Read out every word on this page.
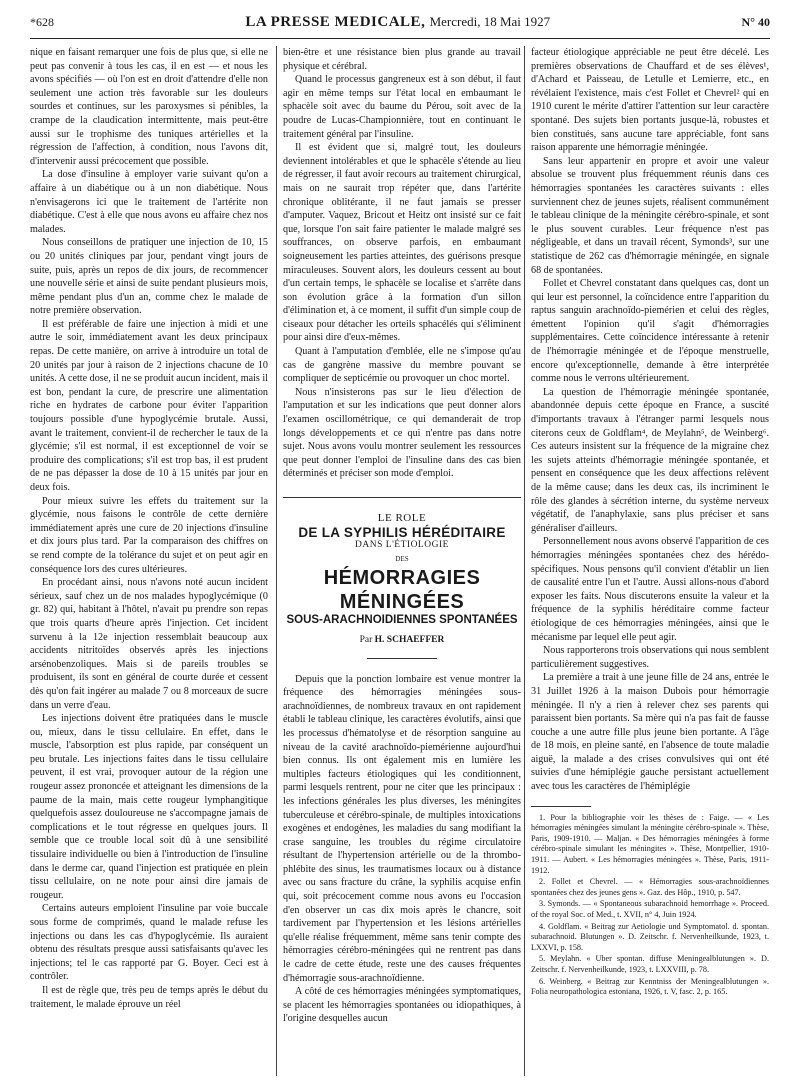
*628	LA PRESSE MEDICALE, Mercredi, 18 Mai 1927	N° 40

nique en faisant remarquer une fois de plus que, si elle ne peut pas convenir à tous les cas, il en est — et nous les avons spécifiés — où l'on est en droit d'attendre d'elle non seulement une action très favorable sur les douleurs sourdes et continues, sur les paroxysmes si pénibles, la crampe de la claudication intermittente, mais peut-être aussi sur le trophisme des tuniques artérielles et la régression de l'affection, à condition, nous l'avons dit, d'intervenir aussi précocement que possible.

La dose d'insuline à employer varie suivant qu'on a affaire à un diabétique ou à un non diabétique. Nous n'envisagerons ici que le traitement de l'artérite non diabétique. C'est à elle que nous avons eu affaire chez nos malades.

Nous conseillons de pratiquer une injection de 10, 15 ou 20 unités cliniques par jour, pendant vingt jours de suite, puis, après un repos de dix jours, de recommencer une nouvelle série et ainsi de suite pendant plusieurs mois, même pendant plus d'un an, comme chez le malade de notre première observation.

Il est préférable de faire une injection à midi et une autre le soir, immédiatement avant les deux principaux repas. De cette manière, on arrive à introduire un total de 20 unités par jour à raison de 2 injections chacune de 10 unités. A cette dose, il ne se produit aucun incident, mais il est bon, pendant la cure, de prescrire une alimentation riche en hydrates de carbone pour éviter l'apparition toujours possible d'une hypoglycémie brutale. Aussi, avant le traitement, convient-il de rechercher le taux de la glycémie; s'il est normal, il est exceptionnel de voir se produire des complications; s'il est trop bas, il est prudent de ne pas dépasser la dose de 10 à 15 unités par jour en deux fois.

Pour mieux suivre les effets du traitement sur la glycémie, nous faisons le contrôle de cette dernière immédiatement après une cure de 20 injections d'insuline et dix jours plus tard. Par la comparaison des chiffres on se rend compte de la tolérance du sujet et on peut agir en conséquence lors des cures ultérieures.

En procédant ainsi, nous n'avons noté aucun incident sérieux, sauf chez un de nos malades hypoglycémique (0 gr. 82) qui, habitant à l'hôtel, n'avait pu prendre son repas que trois quarts d'heure après l'injection. Cet incident survenu à la 12e injection ressemblait beaucoup aux accidents nitritoïdes observés après les injections arsénobenzoliques. Mais si de pareils troubles se produisent, ils sont en général de courte durée et cessent dès qu'on fait ingérer au malade 7 ou 8 morceaux de sucre dans un verre d'eau.

Les injections doivent être pratiquées dans le muscle ou, mieux, dans le tissu cellulaire. En effet, dans le muscle, l'absorption est plus rapide, par conséquent un peu brutale. Les injections faites dans le tissu cellulaire peuvent, il est vrai, provoquer autour de la région une rougeur assez prononcée et atteignant les dimensions de la paume de la main, mais cette rougeur lymphangitique quelquefois assez douloureuse ne s'accompagne jamais de complications et le tout régresse en quelques jours. Il semble que ce trouble local soit dû à une sensibilité tissulaire individuelle ou bien à l'introduction de l'insuline dans le derme car, quand l'injection est pratiquée en plein tissu cellulaire, on ne note pour ainsi dire jamais de rougeur.

Certains auteurs emploient l'insuline par voie buccale sous forme de comprimés, quand le malade refuse les injections ou dans les cas d'hypoglycémie. Ils auraient obtenu des résultats presque aussi satisfaisants qu'avec les injections; tel le cas rapporté par G. Boyer. Ceci est à contrôler.

Il est de règle que, très peu de temps après le début du traitement, le malade éprouve un réel

bien-être et une résistance bien plus grande au travail physique et cérébral.

Quand le processus gangreneux est à son début, il faut agir en même temps sur l'état local en embaumant le sphacèle soit avec du baume du Pérou, soit avec de la poudre de Lucas-Championnière, tout en continuant le traitement général par l'insuline.

Il est évident que si, malgré tout, les douleurs deviennent intolérables et que le sphacèle s'étende au lieu de régresser, il faut avoir recours au traitement chirurgical, mais on ne saurait trop répéter que, dans l'artérite chronique oblitérante, il ne faut jamais se presser d'amputer. Vaquez, Bricout et Heitz ont insisté sur ce fait que, lorsque l'on sait faire patienter le malade malgré ses souffrances, on observe parfois, en embaumant soigneusement les parties atteintes, des guérisons presque miraculeuses. Souvent alors, les douleurs cessent au bout d'un certain temps, le sphacèle se localise et s'arrête dans son évolution grâce à la formation d'un sillon d'élimination et, à ce moment, il suffit d'un simple coup de ciseaux pour détacher les orteils sphacélés qui s'éliminent pour ainsi dire d'eux-mêmes.

Quant à l'amputation d'emblée, elle ne s'impose qu'au cas de gangrène massive du membre pouvant se compliquer de septicémie ou provoquer un choc mortel.

Nous n'insisterons pas sur le lieu d'élection de l'amputation et sur les indications que peut donner alors l'examen oscillométrique, ce qui demanderait de trop longs développements et ce qui n'entre pas dans notre sujet. Nous avons voulu montrer seulement les ressources que peut donner l'emploi de l'insuline dans des cas bien déterminés et préciser son mode d'emploi.

LE ROLE
DE LA SYPHILIS HÉRÉDITAIRE
DANS L'ÉTIOLOGIE
DES
HÉMORRAGIES MÉNINGÉES
SOUS-ARACHNOIDIENNES SPONTANÉES
Par H. SCHAEFFER

Depuis que la ponction lombaire est venue montrer la fréquence des hémorragies méningées sous-arachnoïdiennes, de nombreux travaux en ont rapidement établi le tableau clinique, les caractères évolutifs, ainsi que les processus d'hématolyse et de résorption sanguine au niveau de la cavité arachnoïdo-piemérienne aujourd'hui bien connus. Ils ont également mis en lumière les multiples facteurs étiologiques qui les conditionnent, parmi lesquels rentrent, pour ne citer que les principaux : les infections générales les plus diverses, les méningites tuberculeuse et cérébro-spinale, de multiples intoxications exogènes et endogènes, les maladies du sang modifiant la crase sanguine, les troubles du régime circulatoire résultant de l'hypertension artérielle ou de la thrombo-phlébite des sinus, les traumatismes locaux ou à distance avec ou sans fracture du crâne, la syphilis acquise enfin qui, soit précocement comme nous avons eu l'occasion d'en observer un cas dix mois après le chancre, soit tardivement par l'hypertension et les lésions artérielles qu'elle réalise fréquemment, même sans tenir compte des hémorragies cérébro-méningées qui ne rentrent pas dans le cadre de cette étude, reste une des causes fréquentes d'hémorragie sous-arachnoïdienne.

A côté de ces hémorragies méningées symptomatiques, se placent les hémorragies spontanées ou idiopathiques, à l'origine desquelles aucun

facteur étiologique appréciable ne peut être décelé. Les premières observations de Chauffard et de ses élèves¹, d'Achard et Paisseau, de Letulle et Lemierre, etc., en révélaient l'existence, mais c'est Follet et Chevrel² qui en 1910 curent le mérite d'attirer l'attention sur leur caractère spontané. Des sujets bien portants jusque-là, robustes et bien constitués, sans aucune tare appréciable, font sans raison apparente une hémorragie méningée.

Sans leur appartenir en propre et avoir une valeur absolue se trouvent plus fréquemment réunis dans ces hémorragies spontanées les caractères suivants : elles surviennent chez de jeunes sujets, réalisent communément le tableau clinique de la méningite cérébro-spinale, et sont le plus souvent curables. Leur fréquence n'est pas négligeable, et dans un travail récent, Symonds³, sur une statistique de 262 cas d'hémorragie méningée, en signale 68 de spontanées.

Follet et Chevrel constatant dans quelques cas, dont un qui leur est personnel, la coïncidence entre l'apparition du raptus sanguin arachnoïdo-piemérien et celui des règles, émettent l'opinion qu'il s'agit d'hémorragies supplémentaires. Cette coïncidence intéressante à retenir de l'hémorragie méningée et de l'époque menstruelle, encore qu'exceptionnelle, demande à être interprétée comme nous le verrons ultérieurement.

La question de l'hémorragie méningée spontanée, abandonnée depuis cette époque en France, a suscité d'importants travaux à l'étranger parmi lesquels nous citerons ceux de Goldflam⁴, de Meylahn⁵, de Weinberg⁶. Ces auteurs insistent sur la fréquence de la migraine chez les sujets atteints d'hémorragie méningée spontanée, et pensent en conséquence que les deux affections relèvent de la même cause; dans les deux cas, ils incriminent le rôle des glandes à sécrétion interne, du système nerveux végétatif, de l'anaphylaxie, sans plus préciser et sans généraliser d'ailleurs.

Personnellement nous avons observé l'apparition de ces hémorragies méningées spontanées chez des hérédo-spécifiques. Nous pensons qu'il convient d'établir un lien de causalité entre l'un et l'autre. Aussi allons-nous d'abord exposer les faits. Nous discuterons ensuite la valeur et la fréquence de la syphilis héréditaire comme facteur étiologique de ces hémorragies méningées, ainsi que le mécanisme par lequel elle peut agir.

Nous rapporterons trois observations qui nous semblent particulièrement suggestives.

La première a trait à une jeune fille de 24 ans, entrée le 31 Juillet 1926 à la maison Dubois pour hémorragie méningée. Il n'y a rien à relever chez ses parents qui paraissent bien portants. Sa mère qui n'a pas fait de fausse couche a une autre fille plus jeune bien portante. A l'âge de 18 mois, en pleine santé, en l'absence de toute maladie aiguë, la malade a des crises convulsives qui ont été suivies d'une hémiplégie gauche persistant actuellement avec tous les caractères de l'hémiplégie

1. Pour la bibliographie voir les thèses de : Faige. — « Les hémorragies méningées simulant la méningite cérébro-spinale ». Thèse, Paris, 1909-1910. — Maljan. « Des hémorragies méningées à forme cérébro-spinale simulant les méningites ». Thèse, Montpellier, 1910-1911. — Aubert. « Les hémorragies méningées ». Thèse, Paris, 1911-1912.

2. Follet et Chevrel. — « Hémorragies sous-arachnoïdiennes spontanées chez des jeunes gens ». Gaz. des Hôp., 1910, p. 547.

3. Symonds. — « Spontaneous subarachnoid hemorrhage ». Proceed. of the royal Soc. of Med., t. XVII, n° 4, Juin 1924.

4. Goldflam. « Beitrag zur Aetiologie und Symptomatol. d. spontan. subarachnoid. Blutungen ». D. Zeitschr. f. Nervenheilkunde, 1923, t. LXXVI, p. 158.

5. Meylahn. « Uber spontan. diffuse Meningealblutungen ». D. Zeitschr. f. Nervenheilkunde, 1923, t. LXXVIII, p. 78.

6. Weinberg. « Beitrag zur Kenntniss der Meningealblutungen ». Folia neuropathologica estoniana, 1926, t. V, fasc. 2, p. 165.
